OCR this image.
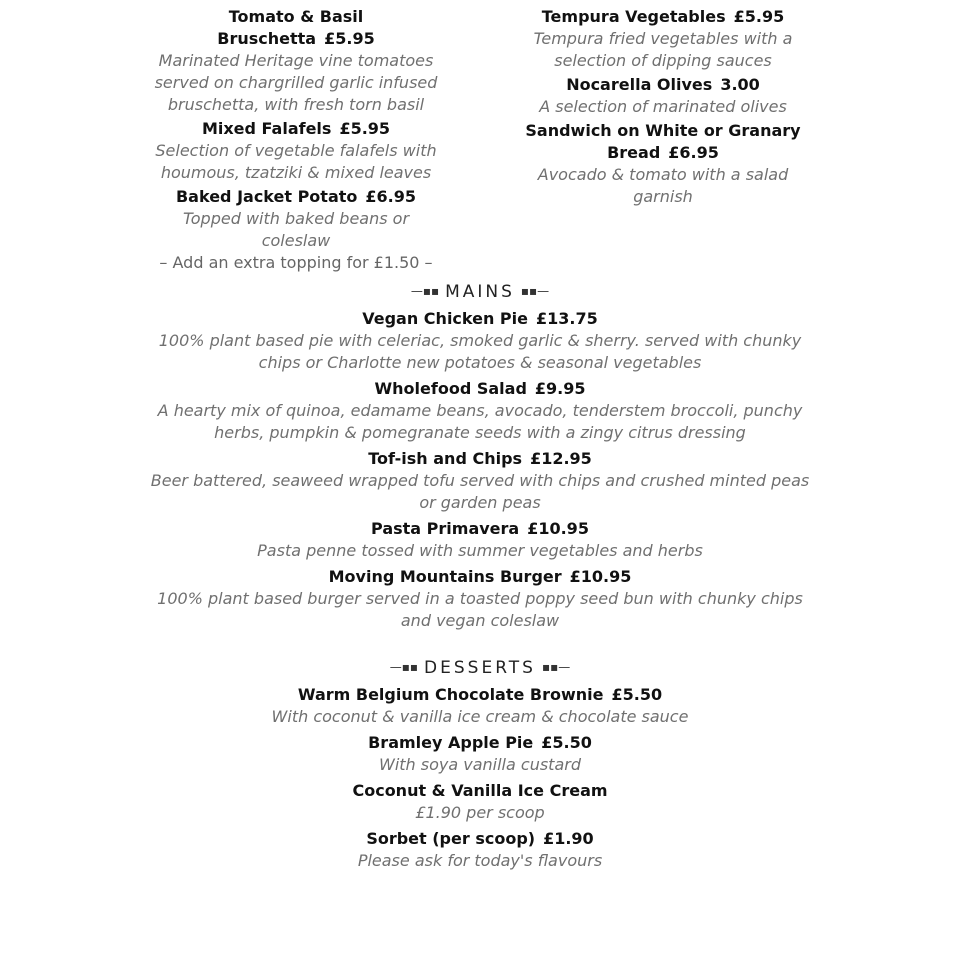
Tomato & Basil Bruschetta £5.95
Marinated Heritage vine tomatoes served on chargrilled garlic infused bruschetta, with fresh torn basil
Mixed Falafels £5.95
Selection of vegetable falafels with houmous, tzatziki & mixed leaves
Baked Jacket Potato £6.95
Topped with baked beans or coleslaw
– Add an extra topping for £1.50 –
Tempura Vegetables £5.95
Tempura fried vegetables with a selection of dipping sauces
Nocarella Olives 3.00
A selection of marinated olives
Sandwich on White or Granary Bread £6.95
Avocado & tomato with a salad garnish
—▪▪ MAINS ▪▪—
Vegan Chicken Pie £13.75
100% plant based pie with celeriac, smoked garlic & sherry. served with chunky chips or Charlotte new potatoes & seasonal vegetables
Wholefood Salad £9.95
A hearty mix of quinoa, edamame beans, avocado, tenderstem broccoli, punchy herbs, pumpkin & pomegranate seeds with a zingy citrus dressing
Tof-ish and Chips £12.95
Beer battered, seaweed wrapped tofu served with chips and crushed minted peas or garden peas
Pasta Primavera £10.95
Pasta penne tossed with summer vegetables and herbs
Moving Mountains Burger £10.95
100% plant based burger served in a toasted poppy seed bun with chunky chips and vegan coleslaw
—▪▪ DESSERTS ▪▪—
Warm Belgium Chocolate Brownie £5.50
With coconut & vanilla ice cream & chocolate sauce
Bramley Apple Pie £5.50
With soya vanilla custard
Coconut & Vanilla Ice Cream
£1.90 per scoop
Sorbet (per scoop) £1.90
Please ask for today's flavours
